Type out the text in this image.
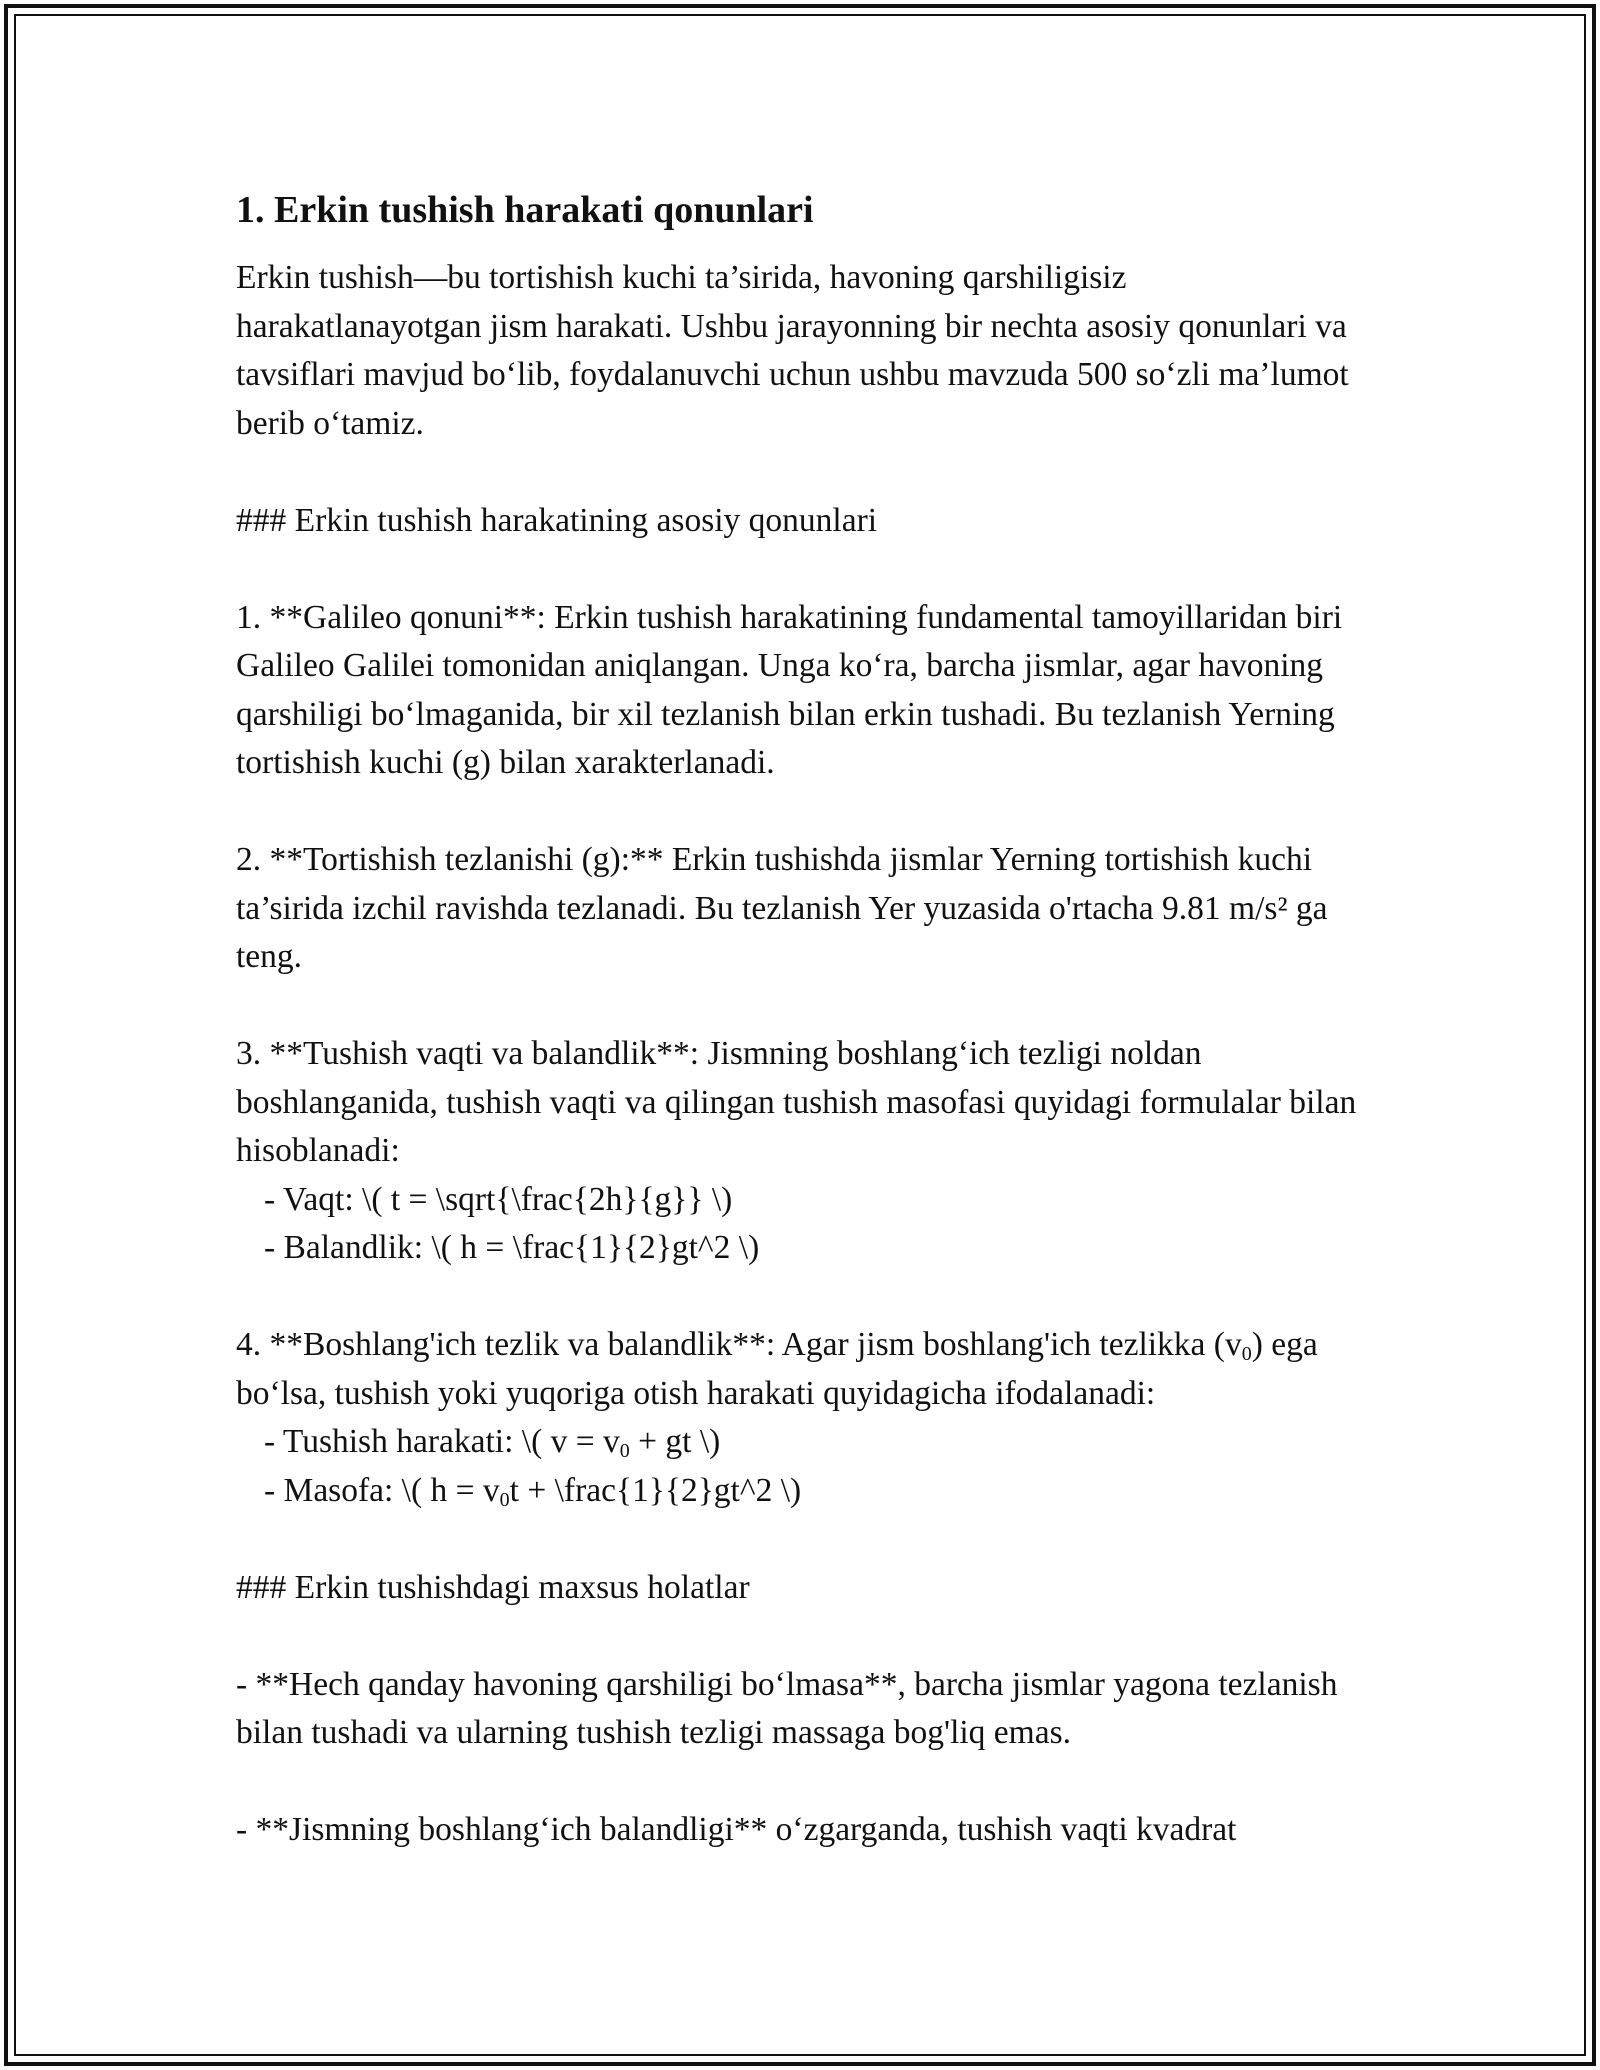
1. Erkin tushish harakati qonunlari

Erkin tushish—bu tortishish kuchi ta’sirida, havoning qarshiligisiz harakatlanayotgan jism harakati. Ushbu jarayonning bir nechta asosiy qonunlari va tavsiflari mavjud bo‘lib, foydalanuvchi uchun ushbu mavzuda 500 so‘zli ma’lumot berib o‘tamiz.

### Erkin tushish harakatining asosiy qonunlari

1. **Galileo qonuni**: Erkin tushish harakatining fundamental tamoyillaridan biri Galileo Galilei tomonidan aniqlangan. Unga ko‘ra, barcha jismlar, agar havoning qarshiligi bo‘lmaganida, bir xil tezlanish bilan erkin tushadi. Bu tezlanish Yerning tortishish kuchi (g) bilan xarakterlanadi.

2. **Tortishish tezlanishi (g):** Erkin tushishda jismlar Yerning tortishish kuchi ta’sirida izchil ravishda tezlanadi. Bu tezlanish Yer yuzasida o'rtacha 9.81 m/s² ga teng.

3. **Tushish vaqti va balandlik**: Jismning boshlang‘ich tezligi noldan boshlanganida, tushish vaqti va qilingan tushish masofasi quyidagi formulalar bilan hisoblanadi:

- Vaqt: \( t = \sqrt{\frac{2h}{g}} \)

- Balandlik: \( h = \frac{1}{2}gt^2 \)

4. **Boshlang'ich tezlik va balandlik**: Agar jism boshlang'ich tezlikka $(v_0)$ ega bo‘lsa, tushish yoki yuqoriga otish harakati quyidagicha ifodalanadi:

- Tushish harakati: \( $v = v_0$ + gt \)

- Masofa: \( $h = v_0t$ + \frac{1}{2}gt^2 \)

### Erkin tushishdagi maxsus holatlar

- **Hech qanday havoning qarshiligi bo‘lmasa**, barcha jismlar yagona tezlanish bilan tushadi va ularning tushish tezligi massaga bog'liq emas.

- **Jismning boshlang‘ich balandligi** o‘zgarganda, tushish vaqti kvadrat
